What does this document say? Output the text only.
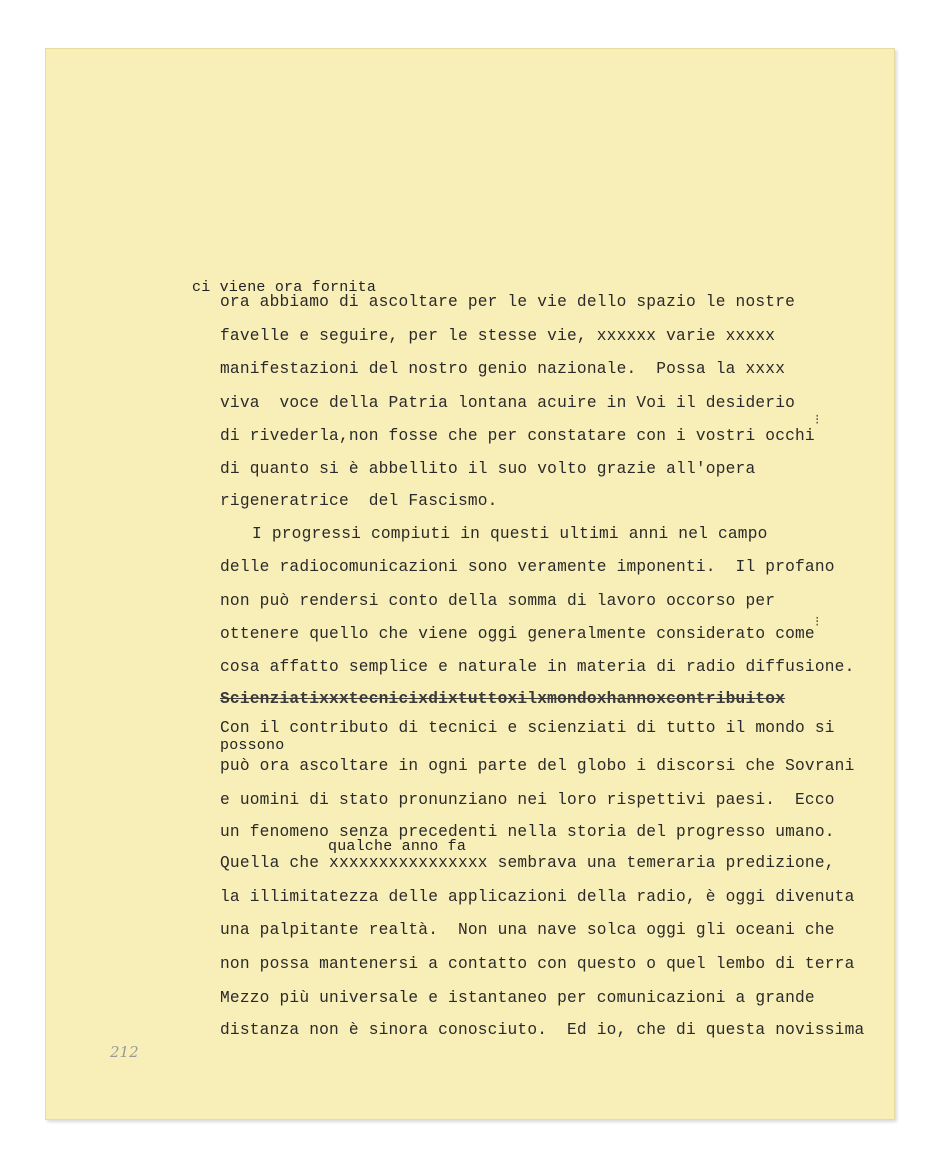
ci viene ora fornita
ora abbiamo di ascoltare per le vie dello spazio le nostre
favelle e seguire, per le stesse vie, xxxxxx varie xxxxx
manifestazioni del nostro genio nazionale.  Possa la xxxx
viva  voce della Patria lontana acuire in Voi il desiderio
di rivederla,non fosse che per constatare con i vostri occhi
di quanto si è abbellito il suo volto grazie all'opera
rigeneratrice  del Fascismo.
I progressi compiuti in questi ultimi anni nel campo
delle radiocomunicazioni sono veramente imponenti.  Il profano
non può rendersi conto della somma di lavoro occorso per
ottenere quello che viene oggi generalmente considerato come
cosa affatto semplice e naturale in materia di radio diffusione.
Scienziatixxxtecnicixdixtuttoxilxmondoxhannoxcontribuitox
Con il contributo di tecnici e scienziati di tutto il mondo si
possono
può ora ascoltare in ogni parte del globo i discorsi che Sovrani
e uomini di stato pronunziano nei loro rispettivi paesi.  Ecco
un fenomeno senza precedenti nella storia del progresso umano.
qualche anno fa
Quella che xxxxxxxxxxxxxxxx sembrava una temeraria predizione,
la illimitatezza delle applicazioni della radio, è oggi divenuta
una palpitante realtà.  Non una nave solca oggi gli oceani che
non possa mantenersi a contatto con questo o quel lembo di terra
Mezzo più universale e istantaneo per comunicazioni a grande
distanza non è sinora conosciuto.  Ed io, che di questa novissima
⁝
⁝
212
